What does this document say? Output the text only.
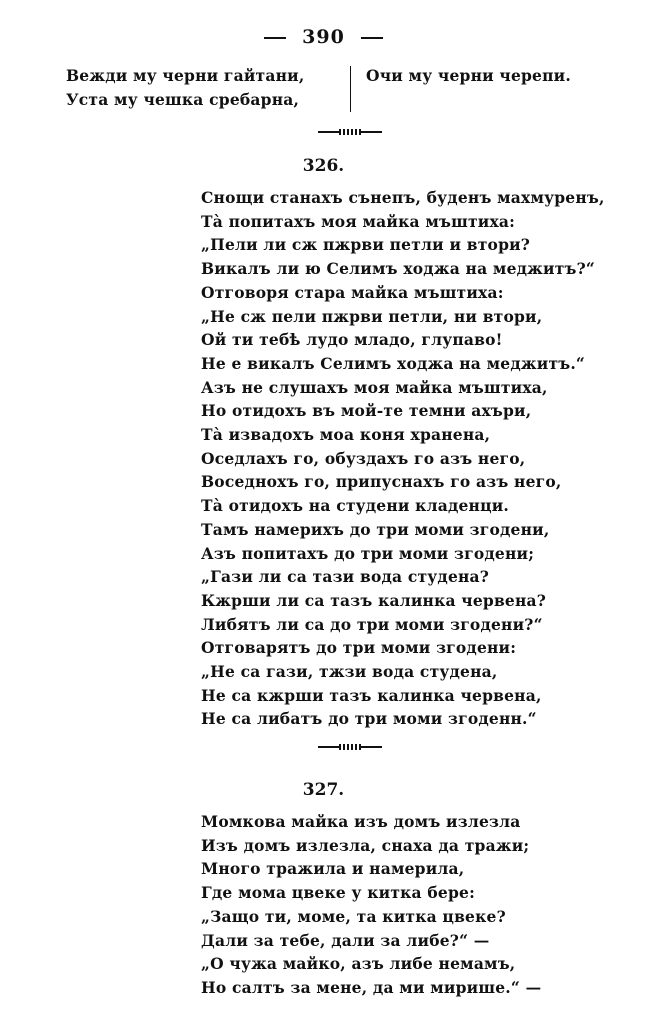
390
Вежди му черни гайтани,
Уста му чешка сребарна,
Очи му черни черепи.
326.
Снощи станахъ сънепъ, буденъ махмуренъ,
Тà попитахъ моя майка мъштиха:
„Пели ли сж пжрви петли и втори?
Викалъ ли ю Селимъ ходжа на меджитъ?“
Отговоря стара майка мъштиха:
„Не сж пели пжрви петли, ни втори,
Ой ти тебѣ лудо младо, глупаво!
Не е викалъ Селимъ ходжа на меджитъ.“
Азъ не слушахъ моя майка мъштиха,
Но отидохъ въ мой-те темни ахъри,
Тà извадохъ моа коня хранена,
Оседлахъ го, обуздахъ го азъ него,
Воседнохъ го, припуснахъ го азъ него,
Тà отидохъ на студени кладенци.
Тамъ намерихъ до три моми згодени,
Азъ попитахъ до три моми згодени;
„Гази ли са тази вода студена?
Кжрши ли са тазъ калинка червена?
Либятъ ли са до три моми згодени?“
Отговарятъ до три моми згодени:
„Не са гази, тжзи вода студена,
Не са кжрши тазъ калинка червена,
Не са либатъ до три моми згоденн.“
327.
Момкова майка изъ домъ излезла
Изъ домъ излезла, снаха да тражи;
Много тражила и намерила,
Где мома цвеке у китка бере:
„Защо ти, моме, та китка цвеке?
Дали за тебе, дали за либе?“ —
„О чужа майко, азъ либе немамъ,
Но салтъ за мене, да ми мирише.“ —
